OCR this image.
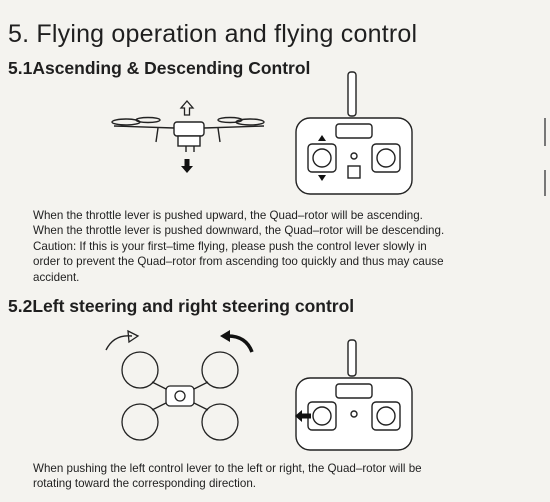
5. Flying operation and flying control
5.1Ascending & Descending Control

When the throttle lever is pushed upward, the Quad–rotor will be ascending.
When the throttle lever is pushed downward, the Quad–rotor will be descending.
Caution: If this is your first–time flying, please push the control lever slowly in
order to prevent the Quad–rotor from ascending too quickly and thus may cause
accident.

5.2Left steering and right steering control

When pushing the left control lever to the left or right, the Quad–rotor will be
rotating toward the corresponding direction.
